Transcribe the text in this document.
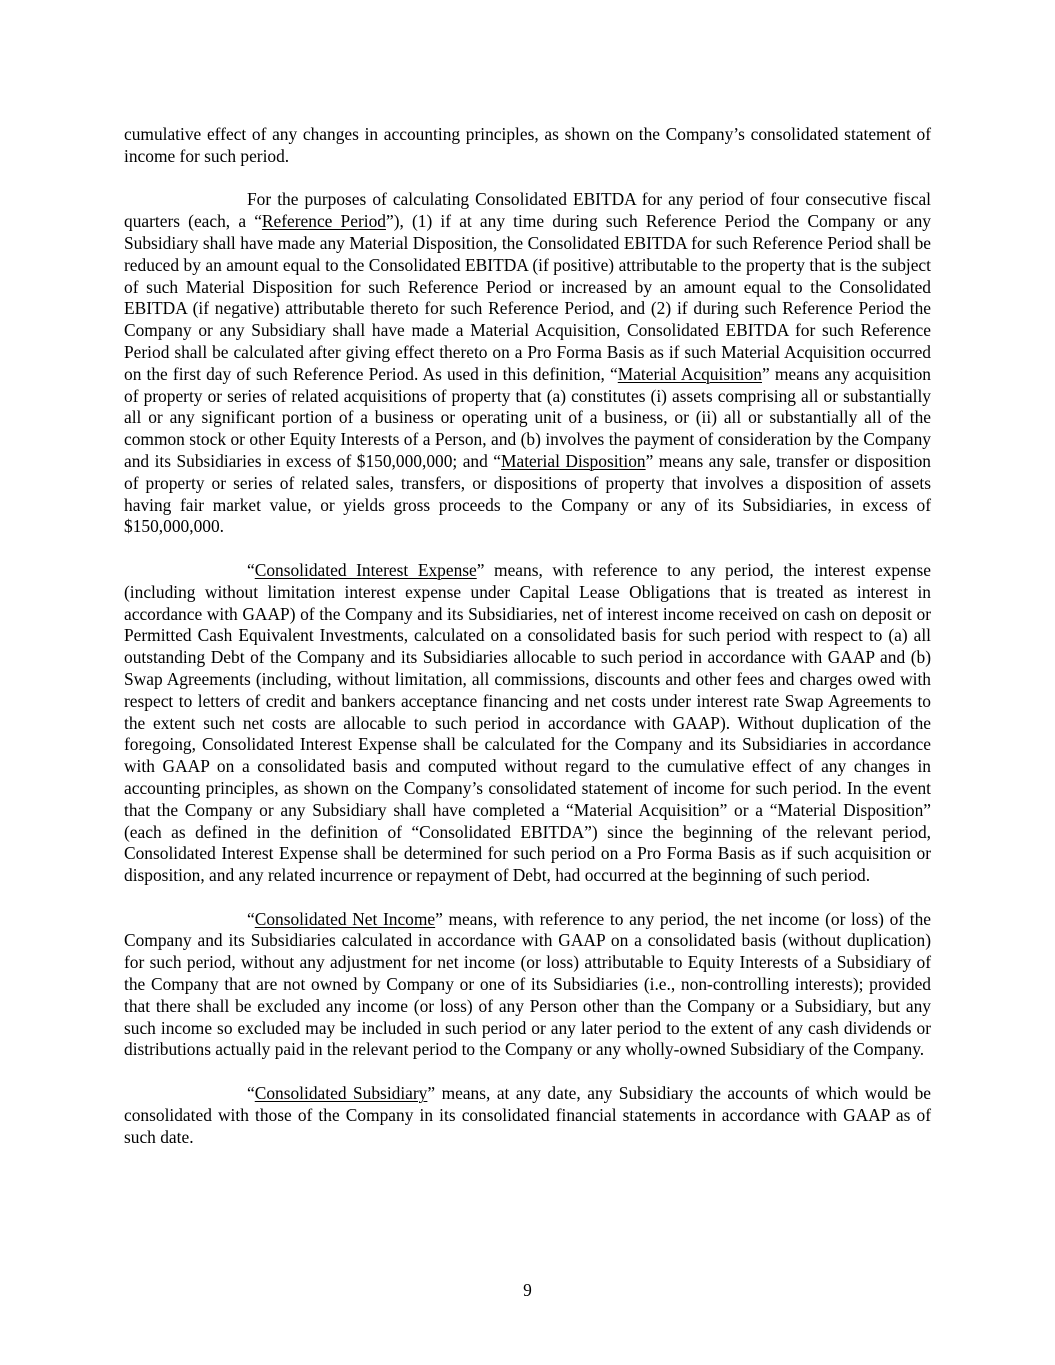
cumulative effect of any changes in accounting principles, as shown on the Company’s consolidated statement of income for such period.

For the purposes of calculating Consolidated EBITDA for any period of four consecutive fiscal quarters (each, a “Reference Period”), (1) if at any time during such Reference Period the Company or any Subsidiary shall have made any Material Disposition, the Consolidated EBITDA for such Reference Period shall be reduced by an amount equal to the Consolidated EBITDA (if positive) attributable to the property that is the subject of such Material Disposition for such Reference Period or increased by an amount equal to the Consolidated EBITDA (if negative) attributable thereto for such Reference Period, and (2) if during such Reference Period the Company or any Subsidiary shall have made a Material Acquisition, Consolidated EBITDA for such Reference Period shall be calculated after giving effect thereto on a Pro Forma Basis as if such Material Acquisition occurred on the first day of such Reference Period. As used in this definition, “Material Acquisition” means any acquisition of property or series of related acquisitions of property that (a) constitutes (i) assets comprising all or substantially all or any significant portion of a business or operating unit of a business, or (ii) all or substantially all of the common stock or other Equity Interests of a Person, and (b) involves the payment of consideration by the Company and its Subsidiaries in excess of $150,000,000; and “Material Disposition” means any sale, transfer or disposition of property or series of related sales, transfers, or dispositions of property that involves a disposition of assets having fair market value, or yields gross proceeds to the Company or any of its Subsidiaries, in excess of $150,000,000.

“Consolidated Interest Expense” means, with reference to any period, the interest expense (including without limitation interest expense under Capital Lease Obligations that is treated as interest in accordance with GAAP) of the Company and its Subsidiaries, net of interest income received on cash on deposit or Permitted Cash Equivalent Investments, calculated on a consolidated basis for such period with respect to (a) all outstanding Debt of the Company and its Subsidiaries allocable to such period in accordance with GAAP and (b) Swap Agreements (including, without limitation, all commissions, discounts and other fees and charges owed with respect to letters of credit and bankers acceptance financing and net costs under interest rate Swap Agreements to the extent such net costs are allocable to such period in accordance with GAAP). Without duplication of the foregoing, Consolidated Interest Expense shall be calculated for the Company and its Subsidiaries in accordance with GAAP on a consolidated basis and computed without regard to the cumulative effect of any changes in accounting principles, as shown on the Company’s consolidated statement of income for such period. In the event that the Company or any Subsidiary shall have completed a “Material Acquisition” or a “Material Disposition” (each as defined in the definition of “Consolidated EBITDA”) since the beginning of the relevant period, Consolidated Interest Expense shall be determined for such period on a Pro Forma Basis as if such acquisition or disposition, and any related incurrence or repayment of Debt, had occurred at the beginning of such period.

“Consolidated Net Income” means, with reference to any period, the net income (or loss) of the Company and its Subsidiaries calculated in accordance with GAAP on a consolidated basis (without duplication) for such period, without any adjustment for net income (or loss) attributable to Equity Interests of a Subsidiary of the Company that are not owned by Company or one of its Subsidiaries (i.e., non-controlling interests); provided that there shall be excluded any income (or loss) of any Person other than the Company or a Subsidiary, but any such income so excluded may be included in such period or any later period to the extent of any cash dividends or distributions actually paid in the relevant period to the Company or any wholly-owned Subsidiary of the Company.

“Consolidated Subsidiary” means, at any date, any Subsidiary the accounts of which would be consolidated with those of the Company in its consolidated financial statements in accordance with GAAP as of such date.

9
